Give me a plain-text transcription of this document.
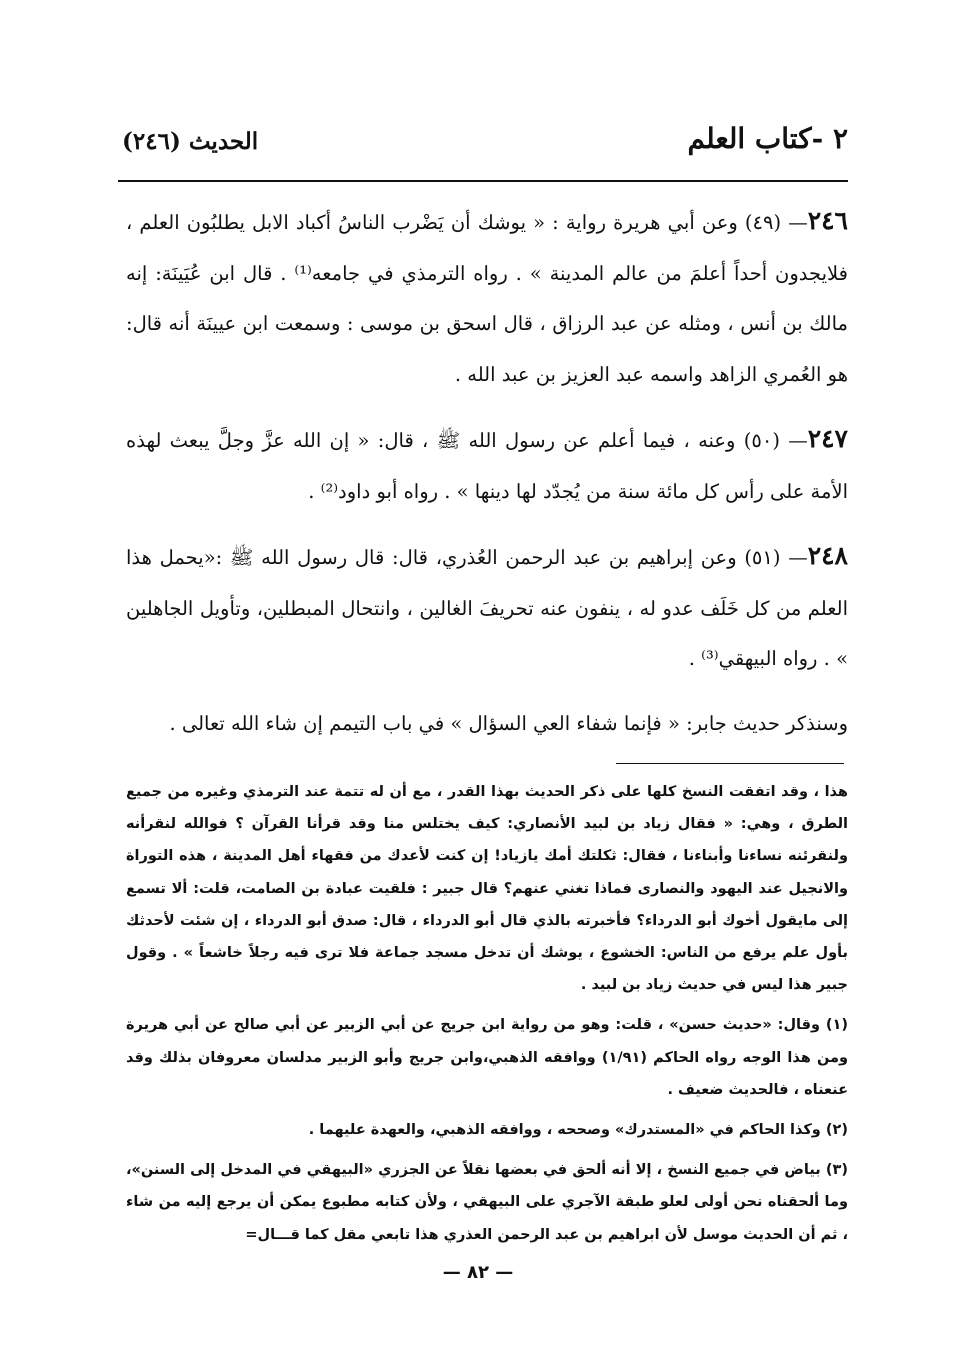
٢ -كتاب العلم
الحديث (٢٤٦)

٢٤٦— (٤٩) وعن أبي هريرة رواية : « يوشك أن يَضْرب الناسُ أكباد الابل يطلبُون العلم ، فلايجدون أحداً أعلمَ من عالم المدينة » . رواه الترمذي في جامعه⁽¹⁾ . قال ابن عُيَينَة: إنه مالك بن أنس ، ومثله عن عبد الرزاق ، قال اسحق بن موسى : وسمعت ابن عيينَة أنه قال: هو العُمري الزاهد واسمه عبد العزيز بن عبد الله .

٢٤٧— (٥٠) وعنه ، فيما أعلم عن رسول الله ﷺ ، قال: « إن الله عزَّ وجلَّ يبعث لهذه الأمة على رأس كل مائة سنة من يُجدّد لها دينها » . رواه أبو داود⁽²⁾ .

٢٤٨— (٥١) وعن إبراهيم بن عبد الرحمن العُذري، قال: قال رسول الله ﷺ :«يحمل هذا العلم من كل خَلَف عدو له ، ينفون عنه تحريفَ الغالين ، وانتحال المبطلين، وتأويل الجاهلين » . رواه البيهقي⁽³⁾ .

وسنذكر حديث جابر: « فإنما شفاء العي السؤال » في باب التيمم إن شاء الله تعالى .

هذا ، وقد اتفقت النسخ كلها على ذكر الحديث بهذا القدر ، مع أن له تتمة عند الترمذي وغيره من جميع الطرق ، وهي: « فقال زياد بن لبيد الأنصاري: كيف يختلس منا وقد قرأنا القرآن ؟ فوالله لنقرأنه ولنقرئنه نساءنا وأبناءنا ، فقال: ثكلتك أمك يازياد! إن كنت لأعدك من فقهاء أهل المدينة ، هذه التوراة والانجيل عند اليهود والنصارى فماذا تغني عنهم؟ قال جبير : فلقيت عبادة بن الصامت، قلت: ألا تسمع إلى مايقول أخوك أبو الدرداء؟ فأخبرته بالذي قال أبو الدرداء ، قال: صدق أبو الدرداء ، إن شئت لأحدثك بأول علم يرفع من الناس: الخشوع ، يوشك أن تدخل مسجد جماعة فلا ترى فيه رجلاً خاشعاً » . وقول جبير هذا ليس في حديث زياد بن لبيد .

(١) وقال: «حديث حسن» ، قلت: وهو من رواية ابن جريج عن أبي الزبير عن أبي صالح عن أبي هريرة ومن هذا الوجه رواه الحاكم (١/٩١) ووافقه الذهبي،وابن جريج وأبو الزبير مدلسان معروفان بذلك وقد عنعناه ، فالحديث ضعيف .

(٢) وكذا الحاكم في «المستدرك» وصححه ، ووافقه الذهبي، والعهدة عليهما .

(٣) بياض في جميع النسخ ، إلا أنه ألحق في بعضها نقلاً عن الجزري «البيهقي في المدخل إلى السنن»، وما ألحقناه نحن أولى لعلو طبقة الآجري على البيهقي ، ولأن كتابه مطبوع يمكن أن يرجع إليه من شاء ، ثم أن الحديث موسل لأن ابراهيم بن عبد الرحمن العذري هذا تابعي مقل كما قـــال=

— ٨٢ —
